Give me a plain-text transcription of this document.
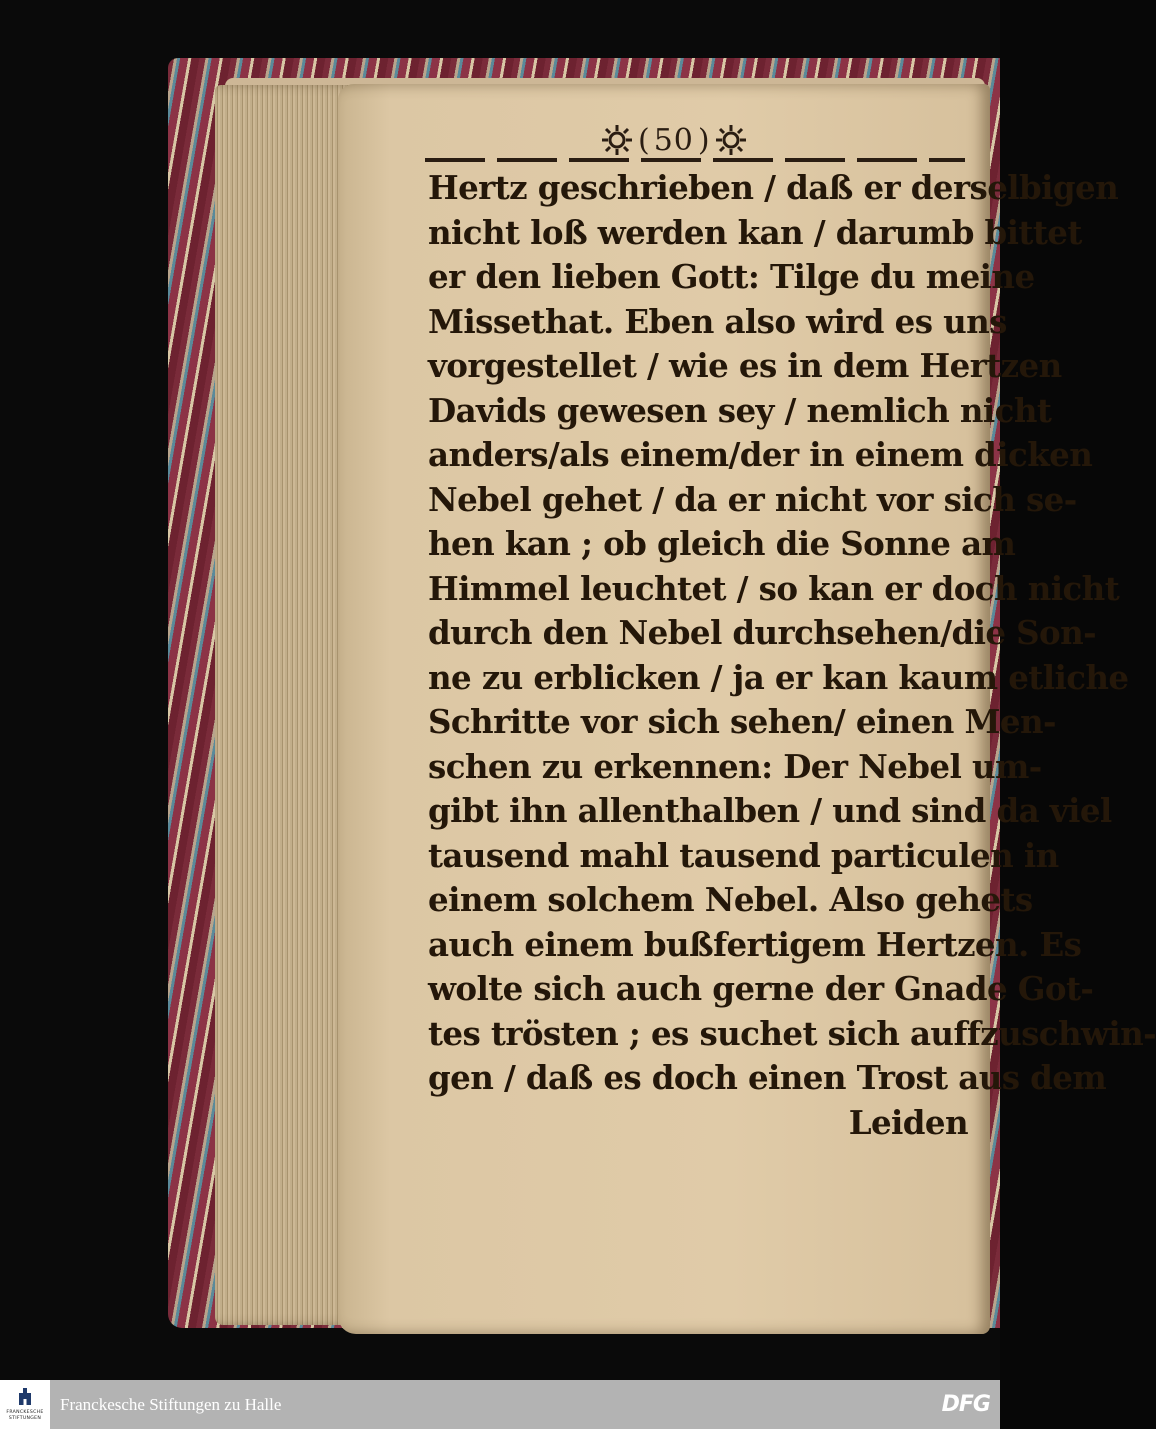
( 50 )
Hertz geschrieben / daß er derselbigen
nicht loß werden kan / darumb bittet
er den lieben Gott: Tilge du meine
Missethat. Eben also wird es uns
vorgestellet / wie es in dem Hertzen
Davids gewesen sey / nemlich nicht
anders/als einem/der in einem dicken
Nebel gehet / da er nicht vor sich se-
hen kan ; ob gleich die Sonne am
Himmel leuchtet / so kan er doch nicht
durch den Nebel durchsehen/die Son-
ne zu erblicken / ja er kan kaum etliche
Schritte vor sich sehen/ einen Men-
schen zu erkennen: Der Nebel um-
gibt ihn allenthalben / und sind da viel
tausend mahl tausend particulen in
einem solchem Nebel. Also gehets
auch einem bußfertigem Hertzen. Es
wolte sich auch gerne der Gnade Got-
tes trösten ; es suchet sich auffzuschwin-
gen / daß es doch einen Trost aus dem
Leiden
FRANCKESCHE
STIFTUNGEN
Franckesche Stiftungen zu Halle	DFG
